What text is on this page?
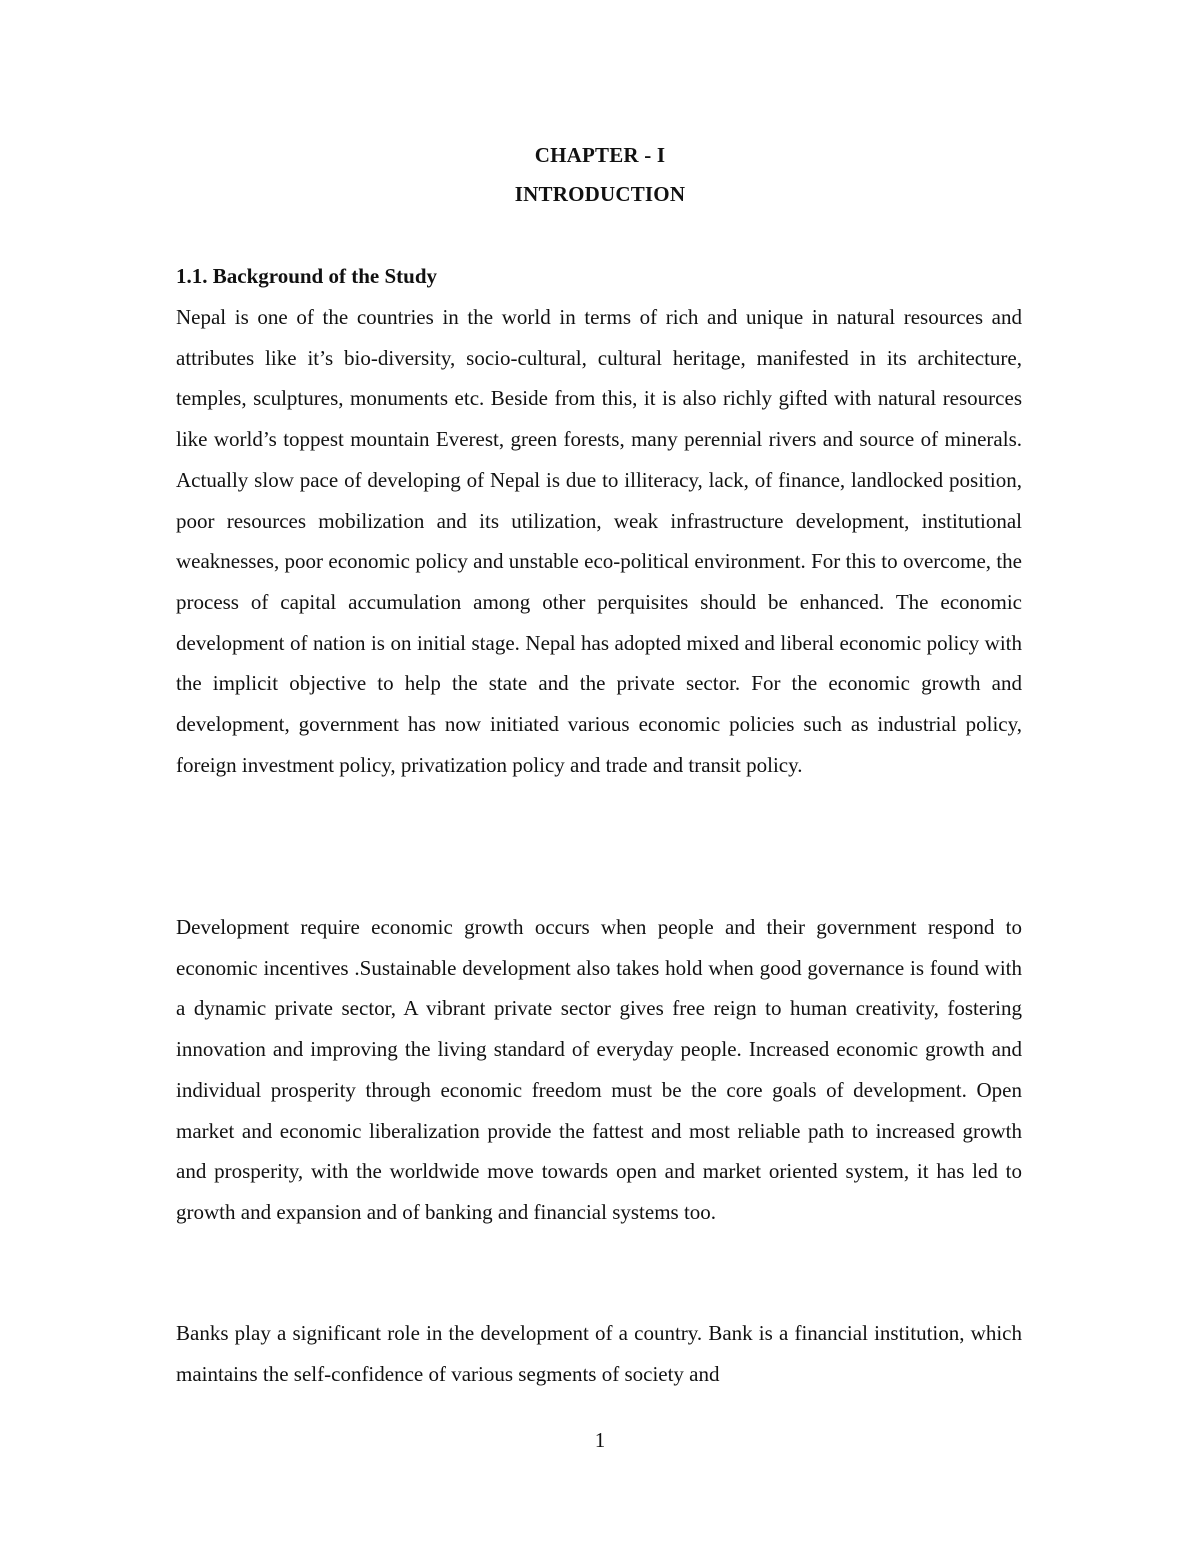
CHAPTER - I
INTRODUCTION
1.1. Background of the Study

Nepal is one of the countries in the world in terms of rich and unique in natural resources and attributes like it’s bio-diversity, socio-cultural, cultural heritage, manifested in its architecture, temples, sculptures, monuments etc. Beside from this, it is also richly gifted with natural resources like world’s toppest mountain Everest, green forests, many perennial rivers and source of minerals. Actually slow pace of developing of Nepal is due to illiteracy, lack, of finance, landlocked position, poor resources mobilization and its utilization, weak infrastructure development, institutional weaknesses, poor economic policy and unstable eco-political environment. For this to overcome, the process of capital accumulation among other perquisites should be enhanced. The economic development of nation is on initial stage. Nepal has adopted mixed and liberal economic policy with the implicit objective to help the state and the private sector. For the economic growth and development, government has now initiated various economic policies such as industrial policy, foreign investment policy, privatization policy and trade and transit policy.

Development require economic growth occurs when people and their government respond to economic incentives .Sustainable development also takes hold when good governance is found with a dynamic private sector, A vibrant private sector gives free reign to human creativity, fostering innovation and improving the living standard of everyday people. Increased economic growth and individual prosperity through economic freedom must be the core goals of development. Open market and economic liberalization provide the fattest and most reliable path to increased growth and prosperity, with the worldwide move towards open and market oriented system, it has led to growth and expansion and of banking and financial systems too.

Banks play a significant role in the development of a country. Bank is a financial institution, which maintains the self-confidence of various segments of society and

1
